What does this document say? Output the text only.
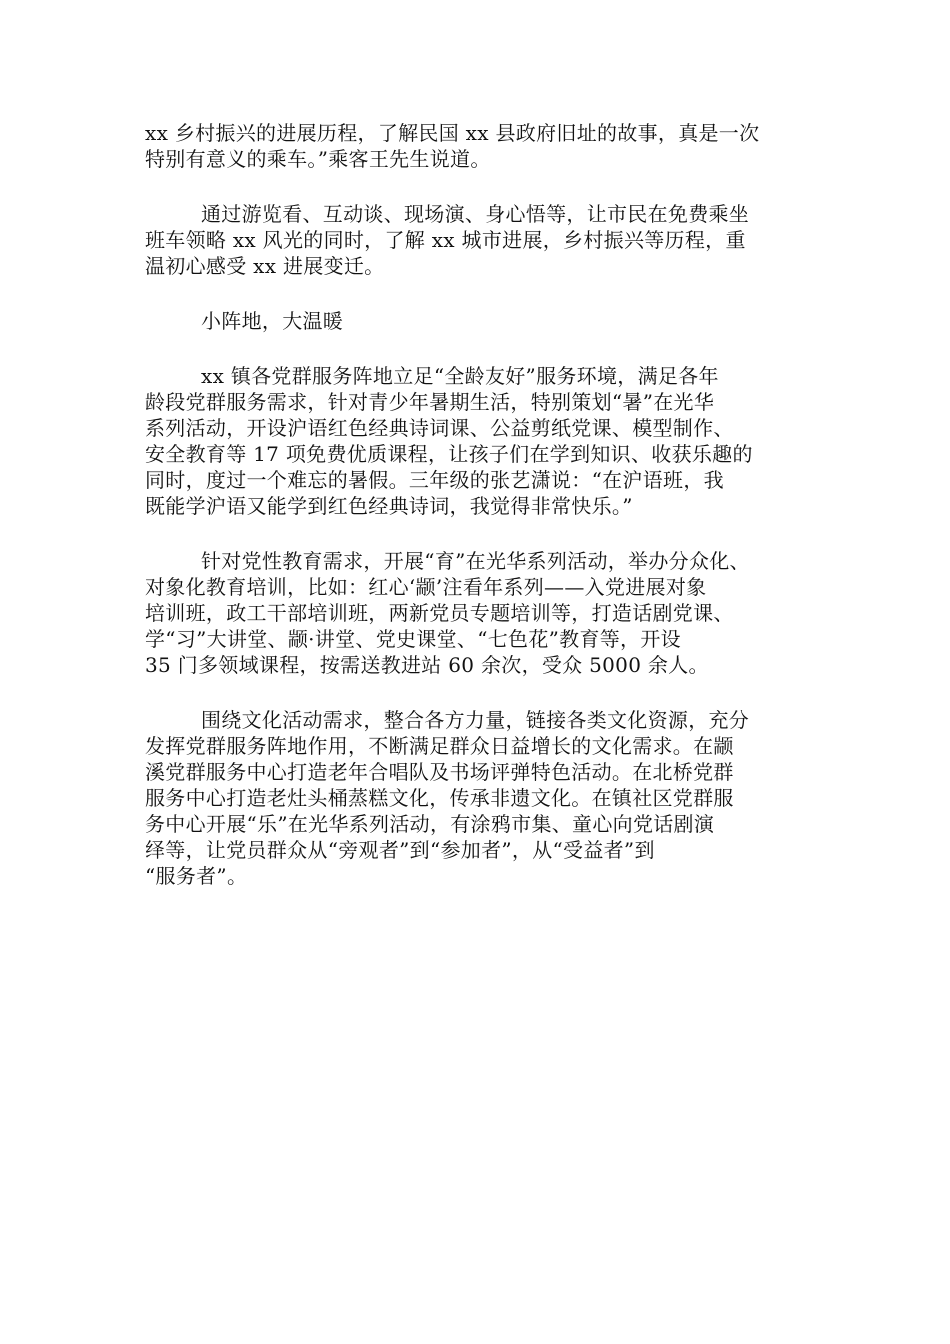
xx 乡村振兴的进展历程，了解民国 xx 县政府旧址的故事，真是一次
特别有意义的乘车。”乘客王先生说道。
通过游览看、互动谈、现场演、身心悟等，让市民在免费乘坐
班车领略 xx 风光的同时，了解 xx 城市进展，乡村振兴等历程，重
温初心感受 xx 进展变迁。
小阵地，大温暖
xx 镇各党群服务阵地立足“全龄友好”服务环境，满足各年
龄段党群服务需求，针对青少年暑期生活，特别策划“暑”在光华
系列活动，开设沪语红色经典诗词课、公益剪纸党课、模型制作、
安全教育等 17 项免费优质课程，让孩子们在学到知识、收获乐趣的
同时，度过一个难忘的暑假。三年级的张艺潇说：“在沪语班，我
既能学沪语又能学到红色经典诗词，我觉得非常快乐。”
针对党性教育需求，开展“育”在光华系列活动，举办分众化、
对象化教育培训，比如：红心‘颛’注看年系列——入党进展对象
培训班，政工干部培训班，两新党员专题培训等，打造话剧党课、
学“习”大讲堂、颛·讲堂、党史课堂、“七色花”教育等，开设
35 门多领域课程，按需送教进站 60 余次，受众 5000 余人。
围绕文化活动需求，整合各方力量，链接各类文化资源，充分
发挥党群服务阵地作用，不断满足群众日益增长的文化需求。在颛
溪党群服务中心打造老年合唱队及书场评弹特色活动。在北桥党群
服务中心打造老灶头桶蒸糕文化，传承非遗文化。在镇社区党群服
务中心开展“乐”在光华系列活动，有涂鸦市集、童心向党话剧演
绎等，让党员群众从“旁观者”到“参加者”，从“受益者”到
“服务者”。
